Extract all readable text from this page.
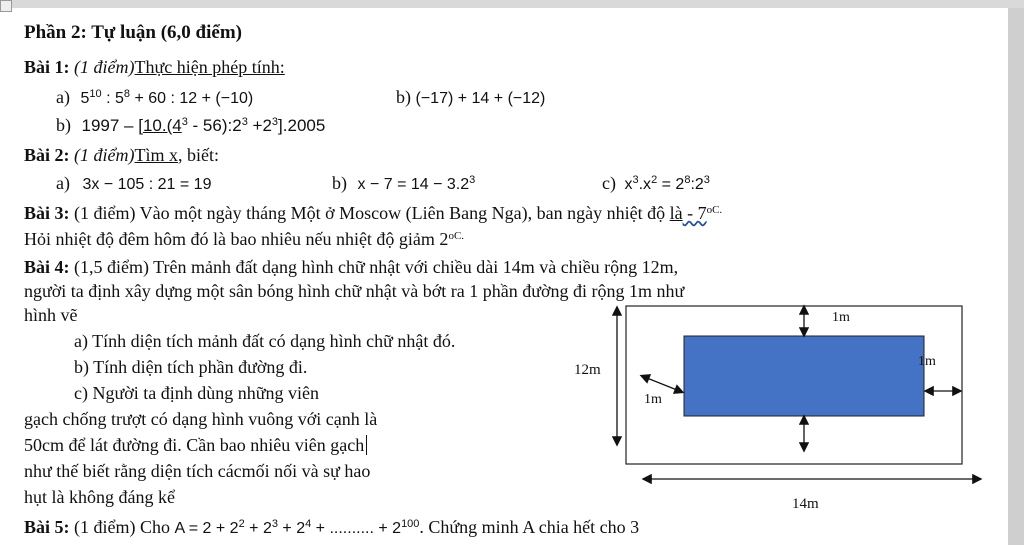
Phần 2: Tự luận (6,0 điểm)
Bài 1: (1 điểm)Thực hiện phép tính:
a) $5^{10}$ : $5^8 + 60$ : 12 + (−10)	b) (−17) + 14 + (−12)
b) $1997 - [10.(4^3$ - $56):2^3 +2^3].2005$
Bài 2: (1 điểm)Tìm x, biết:
a) 3x − 105 : 21 = 19	b) $x - 7 = 14 - 3.2^3$	c) $x^3.x^2$ = $2^8:2^3$
Bài 3: (1 điểm) Vào một ngày tháng Một ở Moscow (Liên Bang Nga), ban ngày nhiệt độ là - $7^{oC.}$
Hỏi nhiệt độ đêm hôm đó là bao nhiêu nếu nhiệt độ giảm $2^{oC.}$
Bài 4: (1,5 điểm) Trên mảnh đất dạng hình chữ nhật với chiều dài 14m và chiều rộng 12m,
người ta định xây dựng một sân bóng hình chữ nhật và bớt ra 1 phần đường đi rộng 1m như
hình vẽ
a) Tính diện tích mảnh đất có dạng hình chữ nhật đó.
b) Tính diện tích phần đường đi.
c) Người ta định dùng những viên
gạch chống trượt có dạng hình vuông với cạnh là
50cm để lát đường đi. Cần bao nhiêu viên gạch
như thế biết rằng diện tích cácmối nối và sự hao
hụt là không đáng kể
1m
1m
1m
12m
14m
Bài 5: (1 điểm) Cho $A = 2 + 2^2 + 2^3 + 2^4$ + .......... + $2^{100}$. Chứng minh A chia hết cho 3
